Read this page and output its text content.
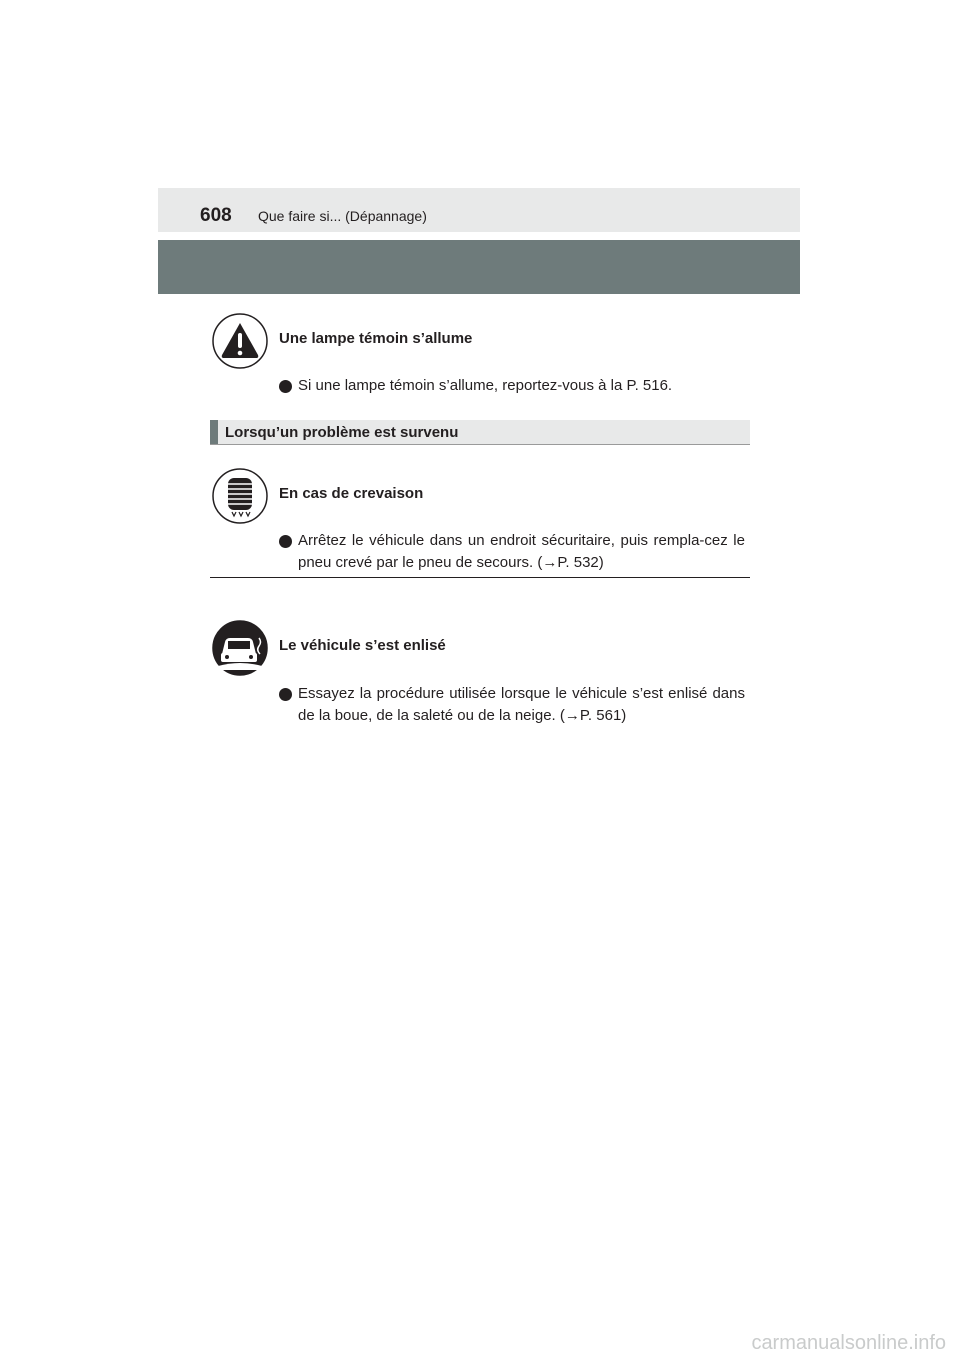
608 Que faire si... (Dépannage)
Une lampe témoin s’allume
Si une lampe témoin s’allume, reportez-vous à la P. 516.
Lorsqu’un problème est survenu
En cas de crevaison
Arrêtez le véhicule dans un endroit sécuritaire, puis rempla-cez le pneu crevé par le pneu de secours. (→P. 532)
Le véhicule s’est enlisé
Essayez la procédure utilisée lorsque le véhicule s’est enlisé dans de la boue, de la saleté ou de la neige. (→P. 561)
carmanualsonline.info
